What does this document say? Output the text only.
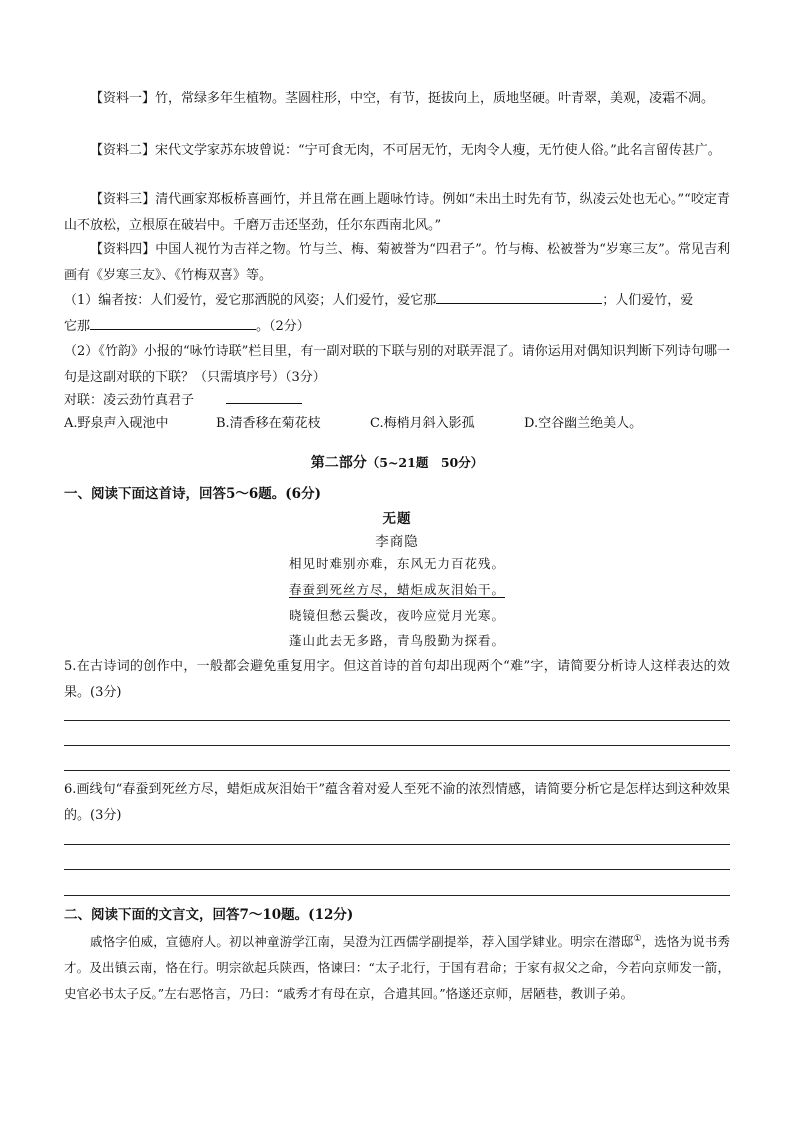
【资料一】竹，常绿多年生植物。茎圆柱形，中空，有节，挺拔向上，质地坚硬。叶青翠，美观，凌霜不凋。
【资料二】宋代文学家苏东坡曾说：“宁可食无肉，不可居无竹，无肉令人瘦，无竹使人俗。”此名言留传甚广。
【资料三】清代画家郑板桥喜画竹，并且常在画上题咏竹诗。例如“未出土时先有节，纵凌云处也无心。”“咬定青山不放松，立根原在破岩中。千磨万击还坚劲，任尔东西南北风。”
【资料四】中国人视竹为吉祥之物。竹与兰、梅、菊被誉为“四君子”。竹与梅、松被誉为“岁寒三友”。常见吉利画有《岁寒三友》、《竹梅双喜》等。
（1）编者按：人们爱竹，爱它那洒脱的风姿；人们爱竹，爱它那	；人们爱竹，爱
它那	。（2分）
（2）《竹韵》小报的“咏竹诗联”栏目里，有一副对联的下联与别的对联弄混了。请你运用对偶知识判断下列诗句哪一句是这副对联的下联？（只需填序号）（3分）
对联：凌云劲竹真君子
A.野泉声入砚池中	B.清香移在菊花枝	C.梅梢月斜入影孤	D.空谷幽兰绝美人。
第二部分（5~21题　50分）
一、阅读下面这首诗，回答5～6题。(6分)
无题
李商隐
相见时难别亦难，东风无力百花残。
春蚕到死丝方尽，蜡炬成灰泪始干。
晓镜但愁云鬓改，夜吟应觉月光寒。
蓬山此去无多路，青鸟殷勤为探看。
5.在古诗词的创作中，一般都会避免重复用字。但这首诗的首句却出现两个“难”字，请简要分析诗人这样表达的效果。(3分)
6.画线句“春蚕到死丝方尽，蜡炬成灰泪始干”蕴含着对爱人至死不渝的浓烈情感，请简要分析它是怎样达到这种效果的。(3分)
二、阅读下面的文言文，回答7～10题。(12分)
戚恪字伯威，宣德府人。初以神童游学江南，吴澄为江西儒学副提举，荐入国学肄业。明宗在潜邸①，选恪为说书秀才。及出镇云南，恪在行。明宗欲起兵陕西，恪谏曰：“太子北行，于国有君命；于家有叔父之命，今若向京师发一箭，史官必书太子反。”左右恶恪言，乃曰：“戚秀才有母在京，合遣其回。”恪遂还京师，居陋巷，教训子弟。
